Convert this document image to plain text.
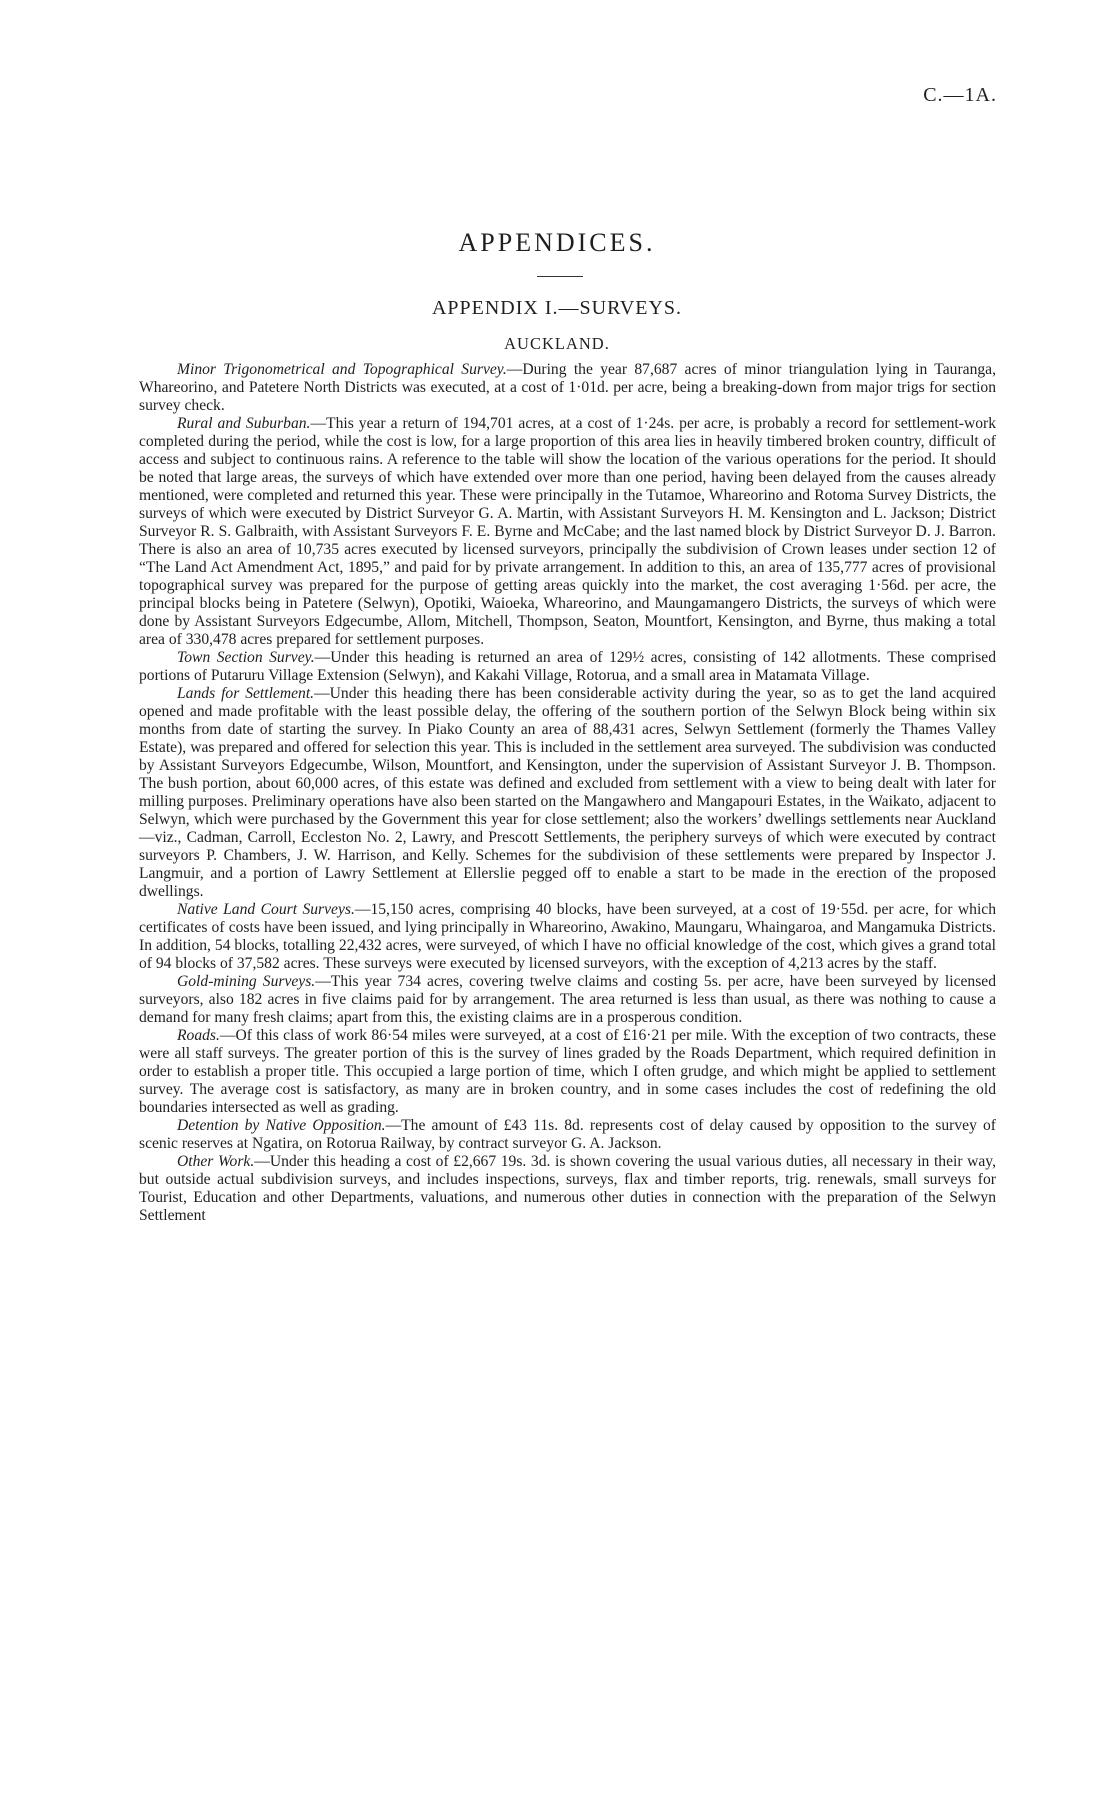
C.—1A.
APPENDICES.
APPENDIX I.—SURVEYS.
AUCKLAND.

Minor Trigonometrical and Topographical Survey.—During the year 87,687 acres of minor triangulation lying in Tauranga, Whareorino, and Patetere North Districts was executed, at a cost of 1·01d. per acre, being a breaking-down from major trigs for section survey check.

Rural and Suburban.—This year a return of 194,701 acres, at a cost of 1·24s. per acre, is probably a record for settlement-work completed during the period, while the cost is low, for a large proportion of this area lies in heavily timbered broken country, difficult of access and subject to continuous rains. A reference to the table will show the location of the various operations for the period. It should be noted that large areas, the surveys of which have extended over more than one period, having been delayed from the causes already mentioned, were completed and returned this year. These were principally in the Tutamoe, Whareorino and Rotoma Survey Districts, the surveys of which were executed by District Surveyor G. A. Martin, with Assistant Surveyors H. M. Kensington and L. Jackson; District Surveyor R. S. Galbraith, with Assistant Surveyors F. E. Byrne and McCabe; and the last named block by District Surveyor D. J. Barron. There is also an area of 10,735 acres executed by licensed surveyors, principally the subdivision of Crown leases under section 12 of “The Land Act Amendment Act, 1895,” and paid for by private arrangement. In addition to this, an area of 135,777 acres of provisional topographical survey was prepared for the purpose of getting areas quickly into the market, the cost averaging 1·56d. per acre, the principal blocks being in Patetere (Selwyn), Opotiki, Waioeka, Whareorino, and Maungamangero Districts, the surveys of which were done by Assistant Surveyors Edgecumbe, Allom, Mitchell, Thompson, Seaton, Mountfort, Kensington, and Byrne, thus making a total area of 330,478 acres prepared for settlement purposes.

Town Section Survey.—Under this heading is returned an area of 129½ acres, consisting of 142 allotments. These comprised portions of Putaruru Village Extension (Selwyn), and Kakahi Village, Rotorua, and a small area in Matamata Village.

Lands for Settlement.—Under this heading there has been considerable activity during the year, so as to get the land acquired opened and made profitable with the least possible delay, the offering of the southern portion of the Selwyn Block being within six months from date of starting the survey. In Piako County an area of 88,431 acres, Selwyn Settlement (formerly the Thames Valley Estate), was prepared and offered for selection this year. This is included in the settlement area surveyed. The subdivision was conducted by Assistant Surveyors Edgecumbe, Wilson, Mountfort, and Kensington, under the supervision of Assistant Surveyor J. B. Thompson. The bush portion, about 60,000 acres, of this estate was defined and excluded from settlement with a view to being dealt with later for milling purposes. Preliminary operations have also been started on the Mangawhero and Mangapouri Estates, in the Waikato, adjacent to Selwyn, which were purchased by the Government this year for close settlement; also the workers’ dwellings settlements near Auckland—viz., Cadman, Carroll, Eccleston No. 2, Lawry, and Prescott Settlements, the periphery surveys of which were executed by contract surveyors P. Chambers, J. W. Harrison, and Kelly. Schemes for the subdivision of these settlements were prepared by Inspector J. Langmuir, and a portion of Lawry Settlement at Ellerslie pegged off to enable a start to be made in the erection of the proposed dwellings.

Native Land Court Surveys.—15,150 acres, comprising 40 blocks, have been surveyed, at a cost of 19·55d. per acre, for which certificates of costs have been issued, and lying principally in Whareorino, Awakino, Maungaru, Whaingaroa, and Mangamuka Districts. In addition, 54 blocks, totalling 22,432 acres, were surveyed, of which I have no official knowledge of the cost, which gives a grand total of 94 blocks of 37,582 acres. These surveys were executed by licensed surveyors, with the exception of 4,213 acres by the staff.

Gold-mining Surveys.—This year 734 acres, covering twelve claims and costing 5s. per acre, have been surveyed by licensed surveyors, also 182 acres in five claims paid for by arrangement. The area returned is less than usual, as there was nothing to cause a demand for many fresh claims; apart from this, the existing claims are in a prosperous condition.

Roads.—Of this class of work 86·54 miles were surveyed, at a cost of £16·21 per mile. With the exception of two contracts, these were all staff surveys. The greater portion of this is the survey of lines graded by the Roads Department, which required definition in order to establish a proper title. This occupied a large portion of time, which I often grudge, and which might be applied to settlement survey. The average cost is satisfactory, as many are in broken country, and in some cases includes the cost of redefining the old boundaries intersected as well as grading.

Detention by Native Opposition.—The amount of £43 11s. 8d. represents cost of delay caused by opposition to the survey of scenic reserves at Ngatira, on Rotorua Railway, by contract surveyor G. A. Jackson.

Other Work.—Under this heading a cost of £2,667 19s. 3d. is shown covering the usual various duties, all necessary in their way, but outside actual subdivision surveys, and includes inspections, surveys, flax and timber reports, trig. renewals, small surveys for Tourist, Education and other Departments, valuations, and numerous other duties in connection with the preparation of the Selwyn Settlement
